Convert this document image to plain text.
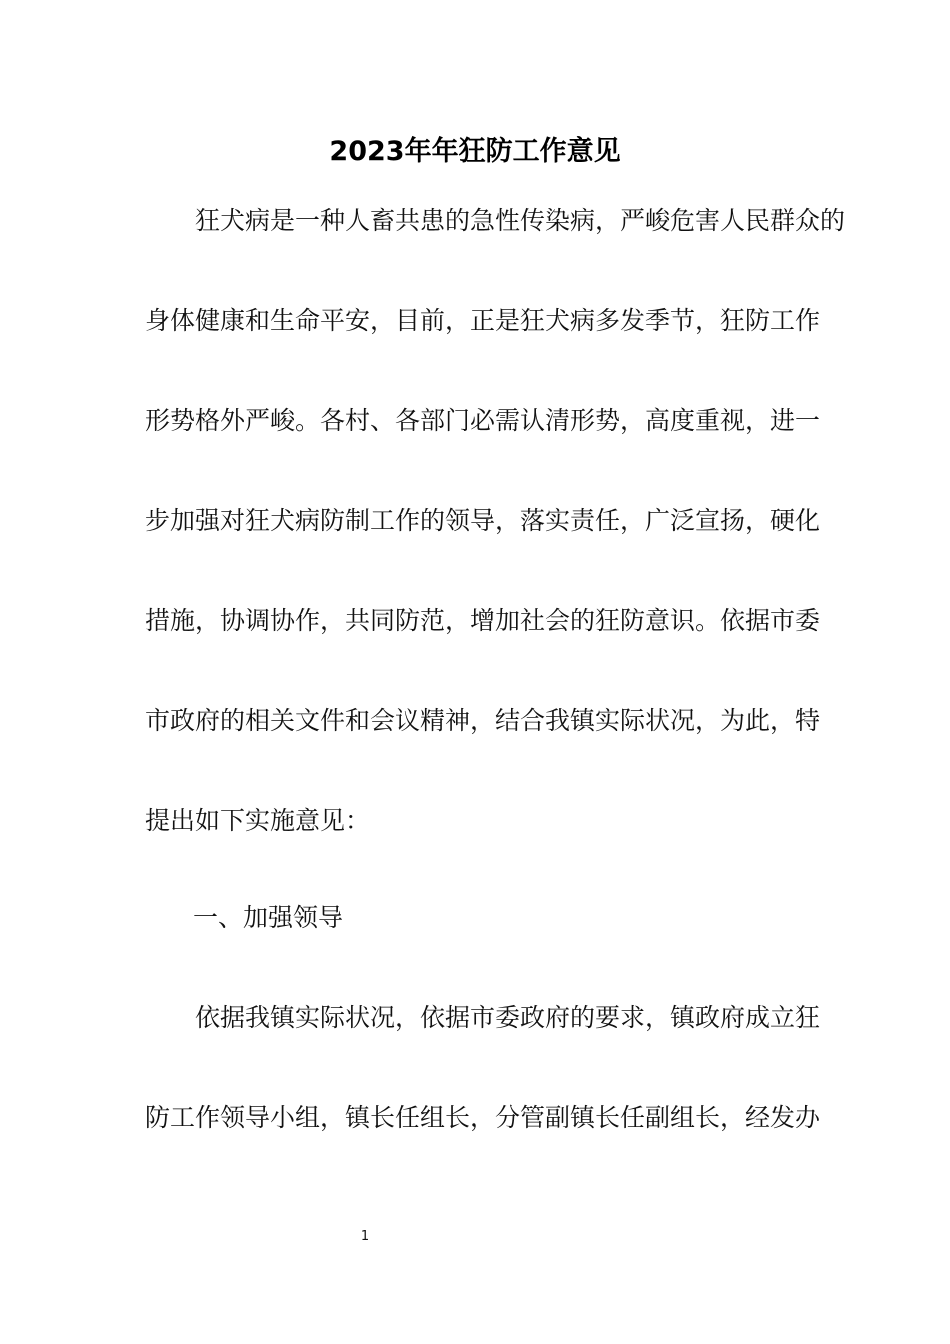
2023年年狂防工作意见

狂犬病是一种人畜共患的急性传染病，严峻危害人民群众的

身体健康和生命平安，目前，正是狂犬病多发季节，狂防工作

形势格外严峻。各村、各部门必需认清形势，高度重视，进一

步加强对狂犬病防制工作的领导，落实责任，广泛宣扬，硬化

措施，协调协作，共同防范，增加社会的狂防意识。依据市委

市政府的相关文件和会议精神，结合我镇实际状况，为此，特

提出如下实施意见：

一、加强领导

依据我镇实际状况，依据市委政府的要求，镇政府成立狂

防工作领导小组，镇长任组长，分管副镇长任副组长，经发办

1
